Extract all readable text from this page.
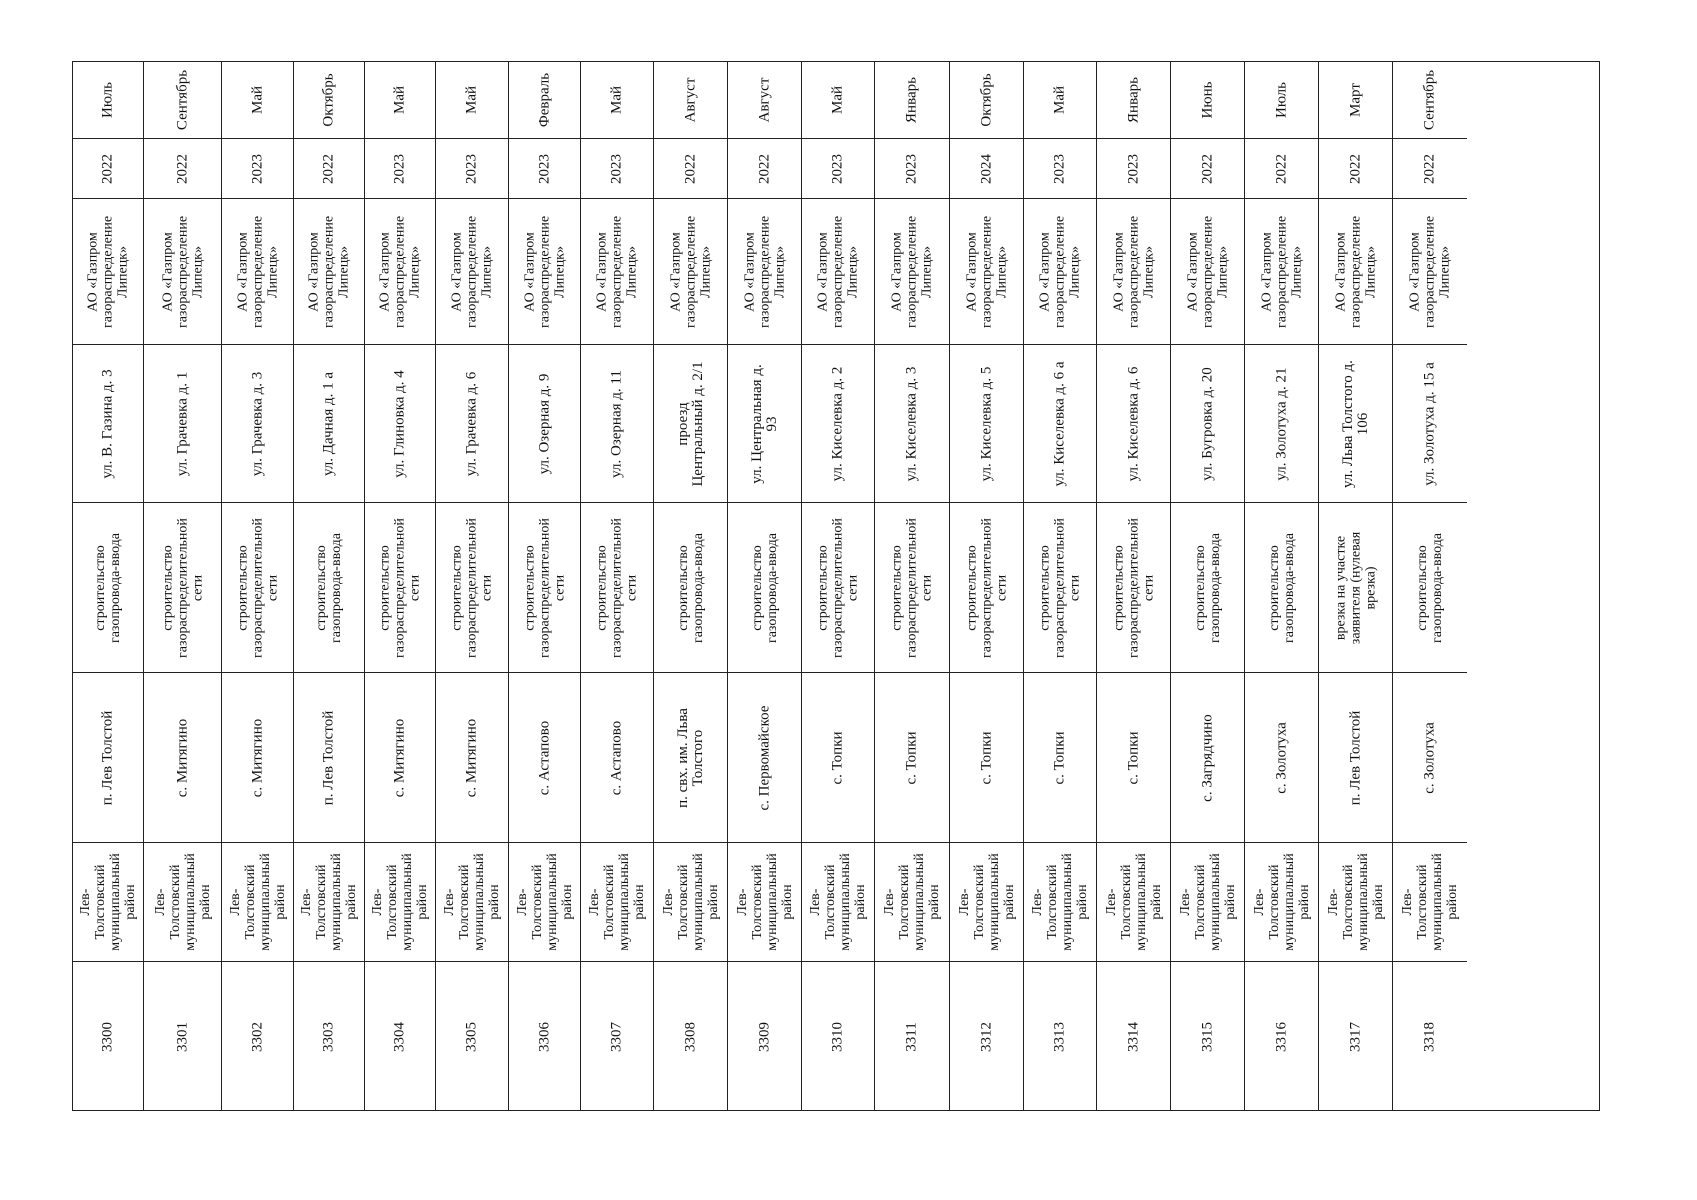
Июль
2022
АО «Газпром
газораспределение
Липецк»
ул. В. Газина д. 3
строительство
газопровода-ввода
п. Лев Толстой
Лев-
Толстовский
муниципальный
район
3300
Сентябрь
2022
АО «Газпром
газораспределение
Липецк»
ул. Грачевка д. 1
строительство
газораспределительной
сети
с. Митягино
Лев-
Толстовский
муниципальный
район
3301
Май
2023
АО «Газпром
газораспределение
Липецк»
ул. Грачевка д. 3
строительство
газораспределительной
сети
с. Митягино
Лев-
Толстовский
муниципальный
район
3302
Октябрь
2022
АО «Газпром
газораспределение
Липецк»
ул. Дачная д. 1 а
строительство
газопровода-ввода
п. Лев Толстой
Лев-
Толстовский
муниципальный
район
3303
Май
2023
АО «Газпром
газораспределение
Липецк»
ул. Глиновка д. 4
строительство
газораспределительной
сети
с. Митягино
Лев-
Толстовский
муниципальный
район
3304
Май
2023
АО «Газпром
газораспределение
Липецк»
ул. Грачевка д. 6
строительство
газораспределительной
сети
с. Митягино
Лев-
Толстовский
муниципальный
район
3305
Февраль
2023
АО «Газпром
газораспределение
Липецк»
ул. Озерная д. 9
строительство
газораспределительной
сети
с. Астапово
Лев-
Толстовский
муниципальный
район
3306
Май
2023
АО «Газпром
газораспределение
Липецк»
ул. Озерная д. 11
строительство
газораспределительной
сети
с. Астапово
Лев-
Толстовский
муниципальный
район
3307
Август
2022
АО «Газпром
газораспределение
Липецк»
проезд
Центральный д. 2/1
строительство
газопровода-ввода
п. свх. им. Льва
Толстого
Лев-
Толстовский
муниципальный
район
3308
Август
2022
АО «Газпром
газораспределение
Липецк»
ул. Центральная д.
93
строительство
газопровода-ввода
с. Первомайское
Лев-
Толстовский
муниципальный
район
3309
Май
2023
АО «Газпром
газораспределение
Липецк»
ул. Киселевка д. 2
строительство
газораспределительной
сети
с. Топки
Лев-
Толстовский
муниципальный
район
3310
Январь
2023
АО «Газпром
газораспределение
Липецк»
ул. Киселевка д. 3
строительство
газораспределительной
сети
с. Топки
Лев-
Толстовский
муниципальный
район
3311
Октябрь
2024
АО «Газпром
газораспределение
Липецк»
ул. Киселевка д. 5
строительство
газораспределительной
сети
с. Топки
Лев-
Толстовский
муниципальный
район
3312
Май
2023
АО «Газпром
газораспределение
Липецк»
ул. Киселевка д. 6 а
строительство
газораспределительной
сети
с. Топки
Лев-
Толстовский
муниципальный
район
3313
Январь
2023
АО «Газпром
газораспределение
Липецк»
ул. Киселевка д. 6
строительство
газораспределительной
сети
с. Топки
Лев-
Толстовский
муниципальный
район
3314
Июнь
2022
АО «Газпром
газораспределение
Липецк»
ул. Бугровка д. 20
строительство
газопровода-ввода
с. Загрядчино
Лев-
Толстовский
муниципальный
район
3315
Июль
2022
АО «Газпром
газораспределение
Липецк»
ул. Золотуха д. 21
строительство
газопровода-ввода
с. Золотуха
Лев-
Толстовский
муниципальный
район
3316
Март
2022
АО «Газпром
газораспределение
Липецк»
ул. Льва Толстого д.
106
врезка на участке
заявителя (нулевая
врезка)
п. Лев Толстой
Лев-
Толстовский
муниципальный
район
3317
Сентябрь
2022
АО «Газпром
газораспределение
Липецк»
ул. Золотуха д. 15 а
строительство
газопровода-ввода
с. Золотуха
Лев-
Толстовский
муниципальный
район
3318
